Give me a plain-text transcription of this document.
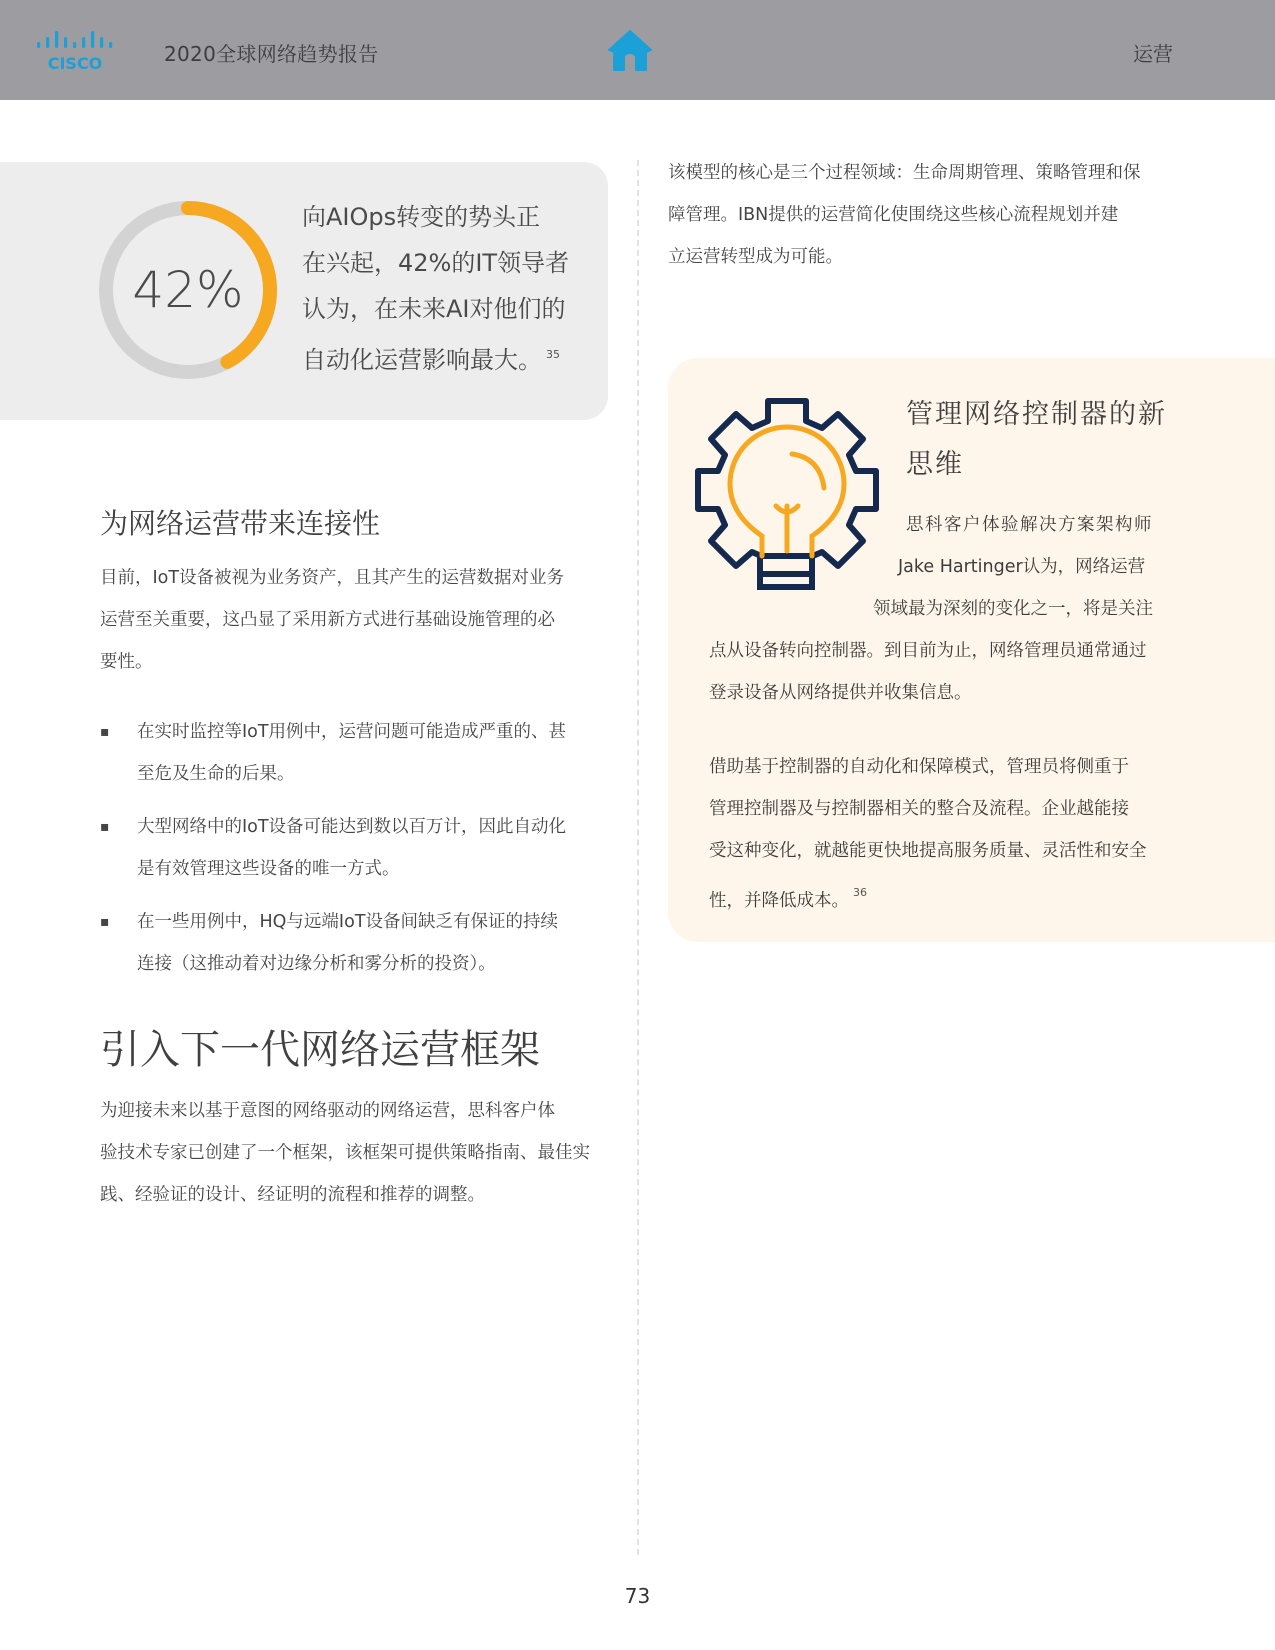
CISCO	2020全球网络趋势报告	运营
42%
向AIOps转变的势头正
在兴起，42%的IT领导者
认为，在未来AI对他们的
自动化运营影响最大。 $^{35}$
为网络运营带来连接性
目前，IoT设备被视为业务资产，且其产生的运营数据对业务
运营至关重要，这凸显了采用新方式进行基础设施管理的必
要性。
▪ 在实时监控等IoT用例中，运营问题可能造成严重的、甚
至危及生命的后果。
▪ 大型网络中的IoT设备可能达到数以百万计，因此自动化
是有效管理这些设备的唯一方式。
▪ 在一些用例中，HQ与远端IoT设备间缺乏有保证的持续
连接（这推动着对边缘分析和雾分析的投资）。
引入下一代网络运营框架
为迎接未来以基于意图的网络驱动的网络运营，思科客户体
验技术专家已创建了一个框架，该框架可提供策略指南、最佳实
践、经验证的设计、经证明的流程和推荐的调整。
该模型的核心是三个过程领域：生命周期管理、策略管理和保
障管理。IBN提供的运营简化使围绕这些核心流程规划并建
立运营转型成为可能。
管理网络控制器的新
思维
思科客户体验解决方案架构师
Jake Hartinger认为，网络运营
领域最为深刻的变化之一，将是关注
点从设备转向控制器。到目前为止，网络管理员通常通过
登录设备从网络提供并收集信息。
借助基于控制器的自动化和保障模式，管理员将侧重于
管理控制器及与控制器相关的整合及流程。企业越能接
受这种变化，就越能更快地提高服务质量、灵活性和安全
性，并降低成本。 $^{36}$
73
